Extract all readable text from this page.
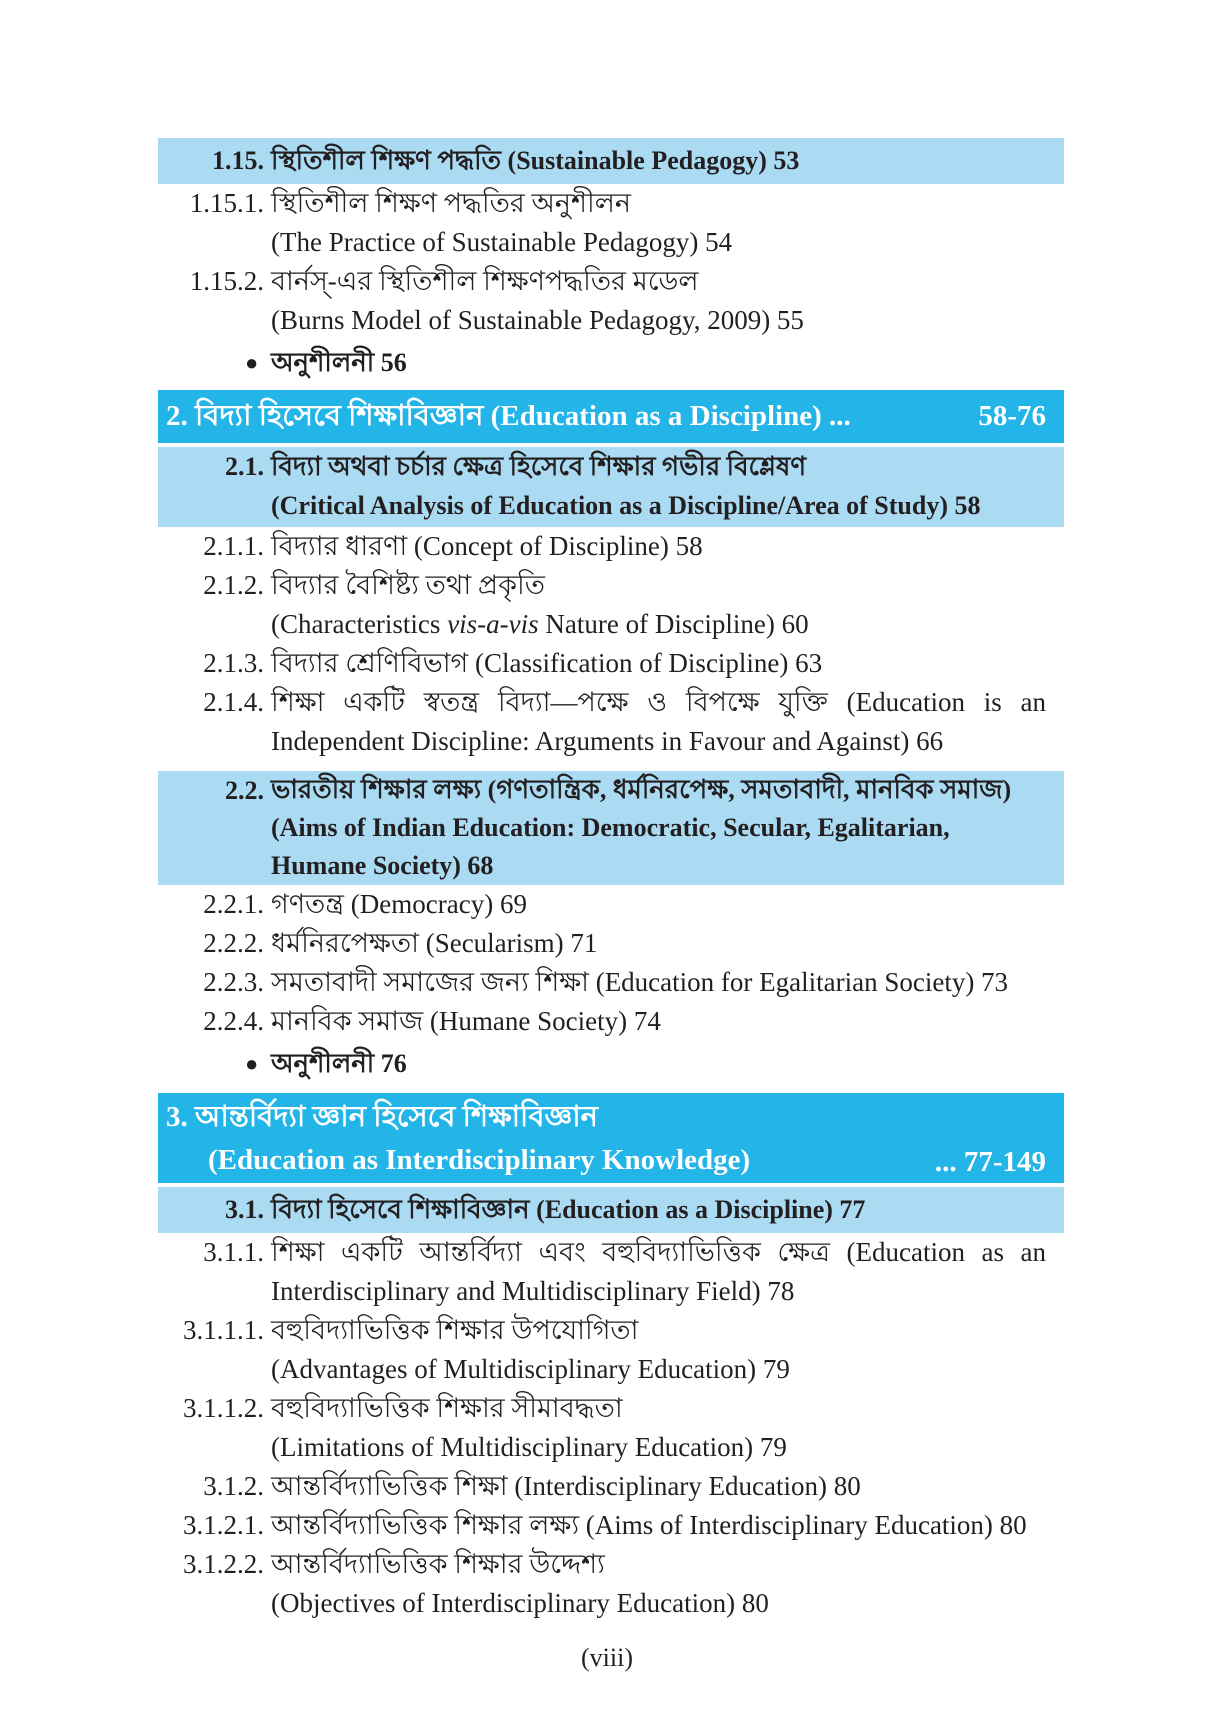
1.15. স্থিতিশীল শিক্ষণ পদ্ধতি (Sustainable Pedagogy) 53
1.15.1. স্থিতিশীল শিক্ষণ পদ্ধতির অনুশীলন
(The Practice of Sustainable Pedagogy) 54
1.15.2. বার্নস্-এর স্থিতিশীল শিক্ষণপদ্ধতির মডেল
(Burns Model of Sustainable Pedagogy, 2009) 55
● অনুশীলনী 56
2. বিদ্যা হিসেবে শিক্ষাবিজ্ঞান (Education as a Discipline) ...	58-76
2.1. বিদ্যা অথবা চর্চার ক্ষেত্র হিসেবে শিক্ষার গভীর বিশ্লেষণ
(Critical Analysis of Education as a Discipline/Area of Study) 58
2.1.1. বিদ্যার ধারণা (Concept of Discipline) 58
2.1.2. বিদ্যার বৈশিষ্ট্য তথা প্রকৃতি
(Characteristics vis-a-vis Nature of Discipline) 60
2.1.3. বিদ্যার শ্রেণিবিভাগ (Classification of Discipline) 63
2.1.4. শিক্ষা একটি স্বতন্ত্র বিদ্যা—পক্ষে ও বিপক্ষে যুক্তি (Education is an Independent Discipline: Arguments in Favour and Against) 66
2.2. ভারতীয় শিক্ষার লক্ষ্য (গণতান্ত্রিক, ধর্মনিরপেক্ষ, সমতাবাদী, মানবিক সমাজ)
(Aims of Indian Education: Democratic, Secular, Egalitarian,
Humane Society) 68
2.2.1. গণতন্ত্র (Democracy) 69
2.2.2. ধর্মনিরপেক্ষতা (Secularism) 71
2.2.3. সমতাবাদী সমাজের জন্য শিক্ষা (Education for Egalitarian Society) 73
2.2.4. মানবিক সমাজ (Humane Society) 74
● অনুশীলনী 76
3. আন্তর্বিদ্যা জ্ঞান হিসেবে শিক্ষাবিজ্ঞান
(Education as Interdisciplinary Knowledge)	... 77-149
3.1. বিদ্যা হিসেবে শিক্ষাবিজ্ঞান (Education as a Discipline) 77
3.1.1. শিক্ষা একটি আন্তর্বিদ্যা এবং বহুবিদ্যাভিত্তিক ক্ষেত্র (Education as an Interdisciplinary and Multidisciplinary Field) 78
3.1.1.1. বহুবিদ্যাভিত্তিক শিক্ষার উপযোগিতা
(Advantages of Multidisciplinary Education) 79
3.1.1.2. বহুবিদ্যাভিত্তিক শিক্ষার সীমাবদ্ধতা
(Limitations of Multidisciplinary Education) 79
3.1.2. আন্তর্বিদ্যাভিত্তিক শিক্ষা (Interdisciplinary Education) 80
3.1.2.1. আন্তর্বিদ্যাভিত্তিক শিক্ষার লক্ষ্য (Aims of Interdisciplinary Education) 80
3.1.2.2. আন্তর্বিদ্যাভিত্তিক শিক্ষার উদ্দেশ্য
(Objectives of Interdisciplinary Education) 80
(viii)
